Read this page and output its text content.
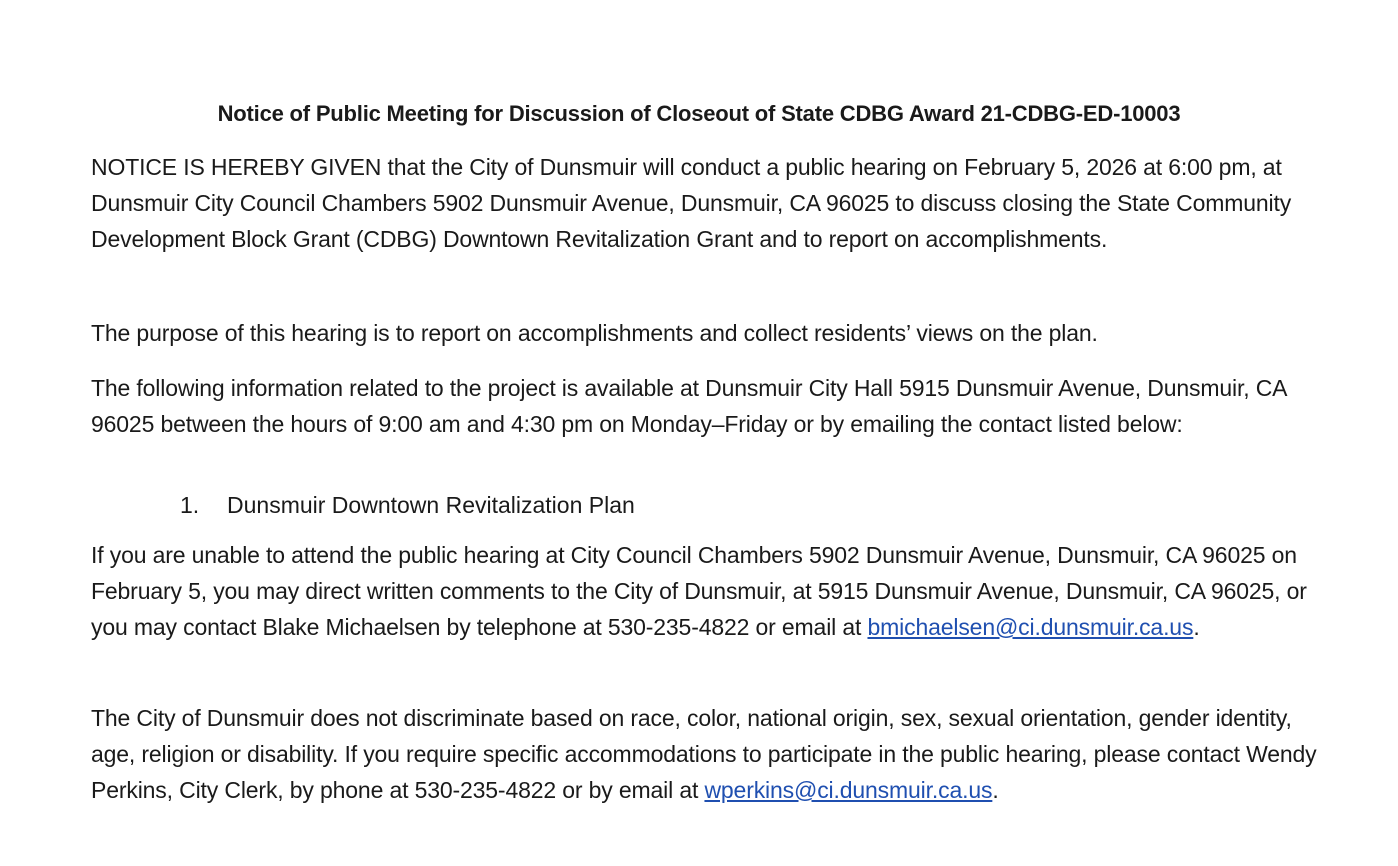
Notice of Public Meeting for Discussion of Closeout of State CDBG Award 21-CDBG-ED-10003

NOTICE IS HEREBY GIVEN that the City of Dunsmuir will conduct a public hearing on February 5, 2026 at 6:00 pm, at Dunsmuir City Council Chambers 5902 Dunsmuir Avenue, Dunsmuir, CA 96025 to discuss closing the State Community Development Block Grant (CDBG) Downtown Revitalization Grant and to report on accomplishments.

The purpose of this hearing is to report on accomplishments and collect residents’ views on the plan.

The following information related to the project is available at Dunsmuir City Hall 5915 Dunsmuir Avenue, Dunsmuir, CA 96025 between the hours of 9:00 am and 4:30 pm on Monday–Friday or by emailing the contact listed below:

1. Dunsmuir Downtown Revitalization Plan

If you are unable to attend the public hearing at City Council Chambers 5902 Dunsmuir Avenue, Dunsmuir, CA 96025 on February 5, you may direct written comments to the City of Dunsmuir, at 5915 Dunsmuir Avenue, Dunsmuir, CA 96025, or you may contact Blake Michaelsen by telephone at 530-235-4822 or email at bmichaelsen@ci.dunsmuir.ca.us.

The City of Dunsmuir does not discriminate based on race, color, national origin, sex, sexual orientation, gender identity, age, religion or disability. If you require specific accommodations to participate in the public hearing, please contact Wendy Perkins, City Clerk, by phone at 530-235-4822 or by email at wperkins@ci.dunsmuir.ca.us.
